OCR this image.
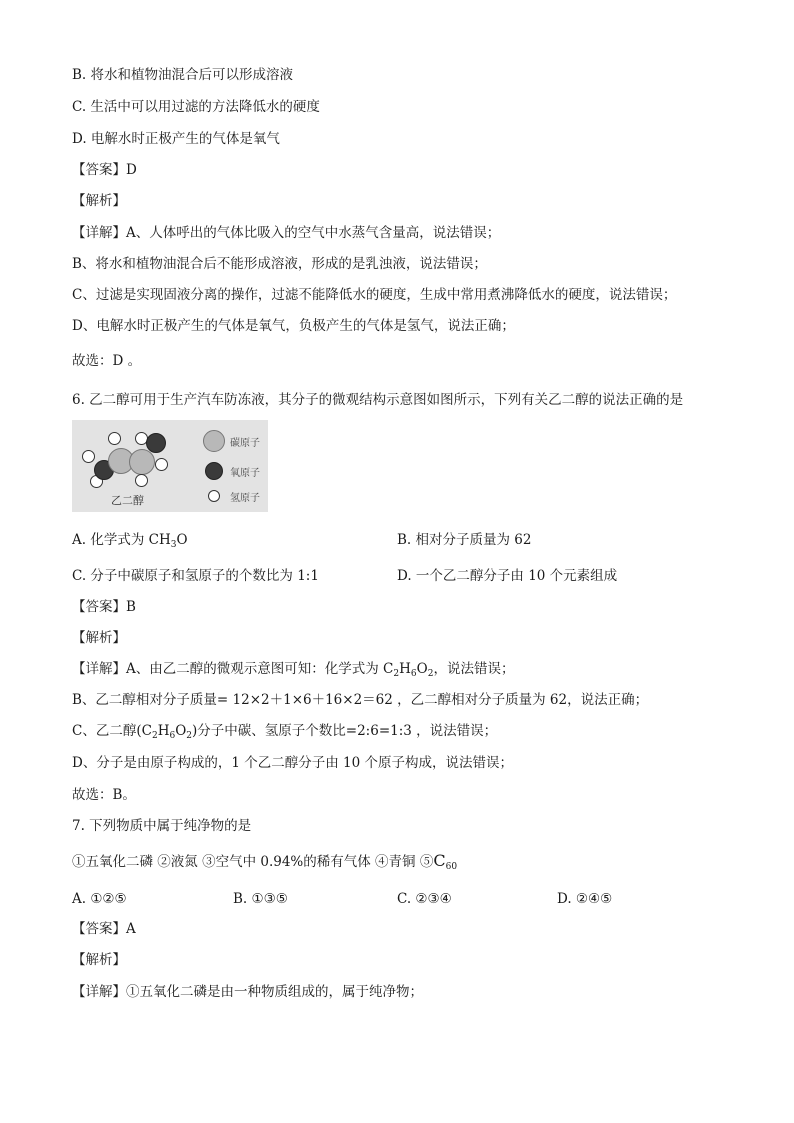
B. 将水和植物油混合后可以形成溶液
C. 生活中可以用过滤的方法降低水的硬度
D. 电解水时正极产生的气体是氧气
【答案】D
【解析】
【详解】A、人体呼出的气体比吸入的空气中水蒸气含量高，说法错误；
B、将水和植物油混合后不能形成溶液，形成的是乳浊液，说法错误；
C、过滤是实现固液分离的操作，过滤不能降低水的硬度，生成中常用煮沸降低水的硬度，说法错误；
D、电解水时正极产生的气体是氧气，负极产生的气体是氢气，说法正确；
故选：D 。
6. 乙二醇可用于生产汽车防冻液，其分子的微观结构示意图如图所示，下列有关乙二醇的说法正确的是
乙二醇
碳原子
氧原子
氢原子
A. 化学式为 $CH_3O$	B. 相对分子质量为 62
C. 分子中碳原子和氢原子的个数比为 1:1	D. 一个乙二醇分子由 10 个元素组成
【答案】B
【解析】
【详解】A、由乙二醇的微观示意图可知：化学式为 $C_2H_6O_2$，说法错误；
B、乙二醇相对分子质量= 12×2＋1×6＋16×2＝62 ，乙二醇相对分子质量为 62，说法正确；
C、乙二醇$(C_2H_6O_2)$分子中碳、氢原子个数比=2:6=1:3 ，说法错误；
D、分子是由原子构成的，1 个乙二醇分子由 10 个原子构成，说法错误；
故选：B。
7. 下列物质中属于纯净物的是
①五氧化二磷 ②液氮 ③空气中 0.94%的稀有气体 ④青铜 $⑤C_{60}$
A. ①②⑤	B. ①③⑤	C. ②③④	D. ②④⑤
【答案】A
【解析】
【详解】①五氧化二磷是由一种物质组成的，属于纯净物；
